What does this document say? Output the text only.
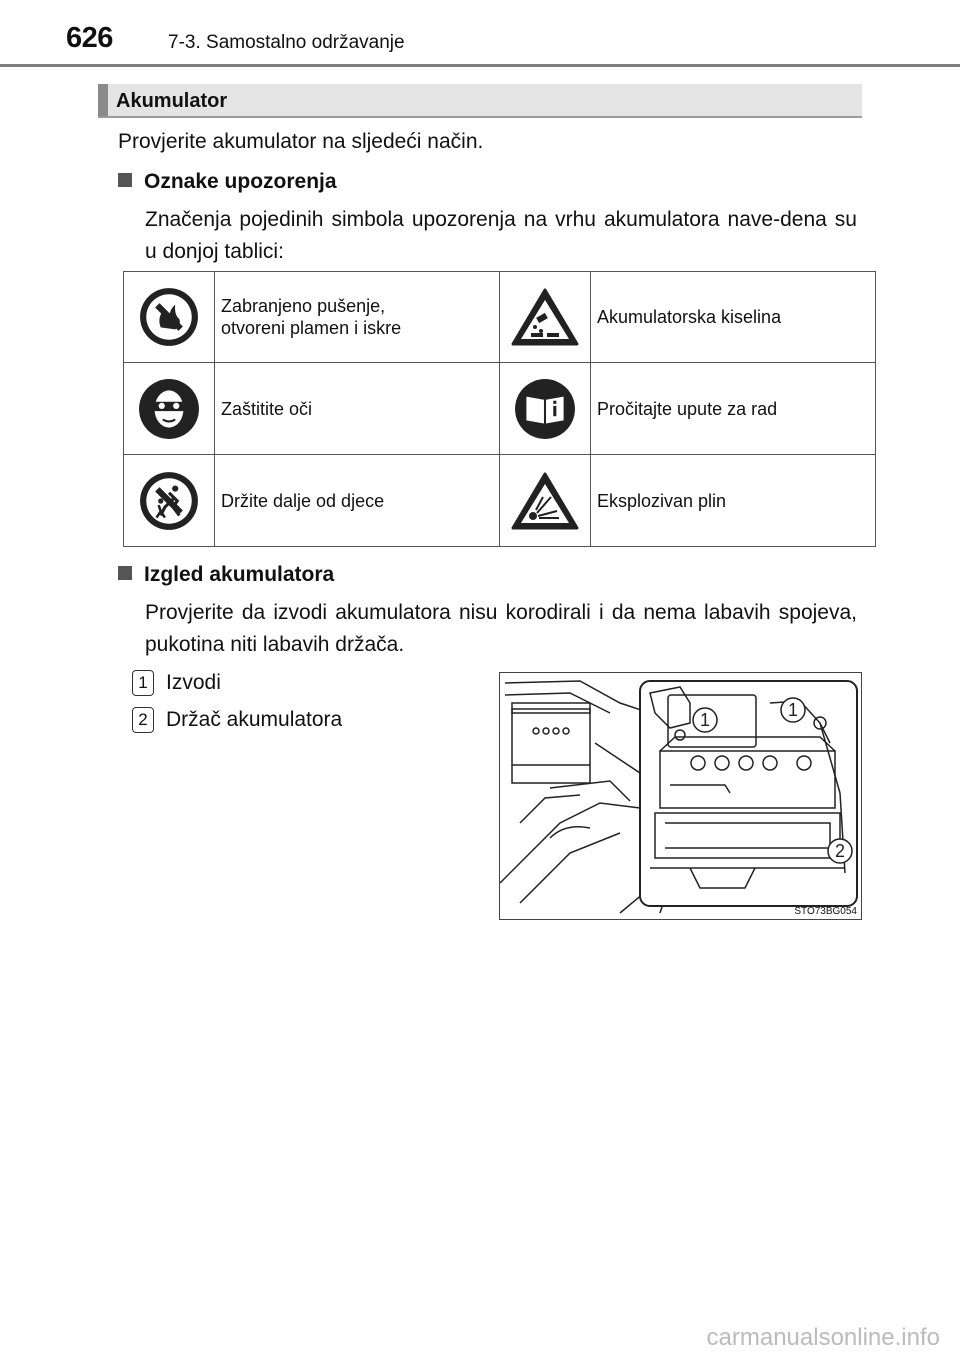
626	7-3. Samostalno održavanje
Akumulator
Provjerite akumulator na sljedeći način.
Oznake upozorenja
Značenja pojedinih simbola upozorenja na vrhu akumulatora nave-dena su u donjoj tablici:
	Zabranjeno pušenje,
otvoreni plamen i iskre		Akumulatorska kiselina

	Zaštitite oči		Pročitajte upute za rad

	Držite dalje od djece		Eksplozivan plin
Izgled akumulatora
Provjerite da izvodi akumulatora nisu korodirali i da nema labavih spojeva, pukotina niti labavih držača.
1 Izvodi
2 Držač akumulatora	1	1
2
STO73BG054
carmanualsonline.info
